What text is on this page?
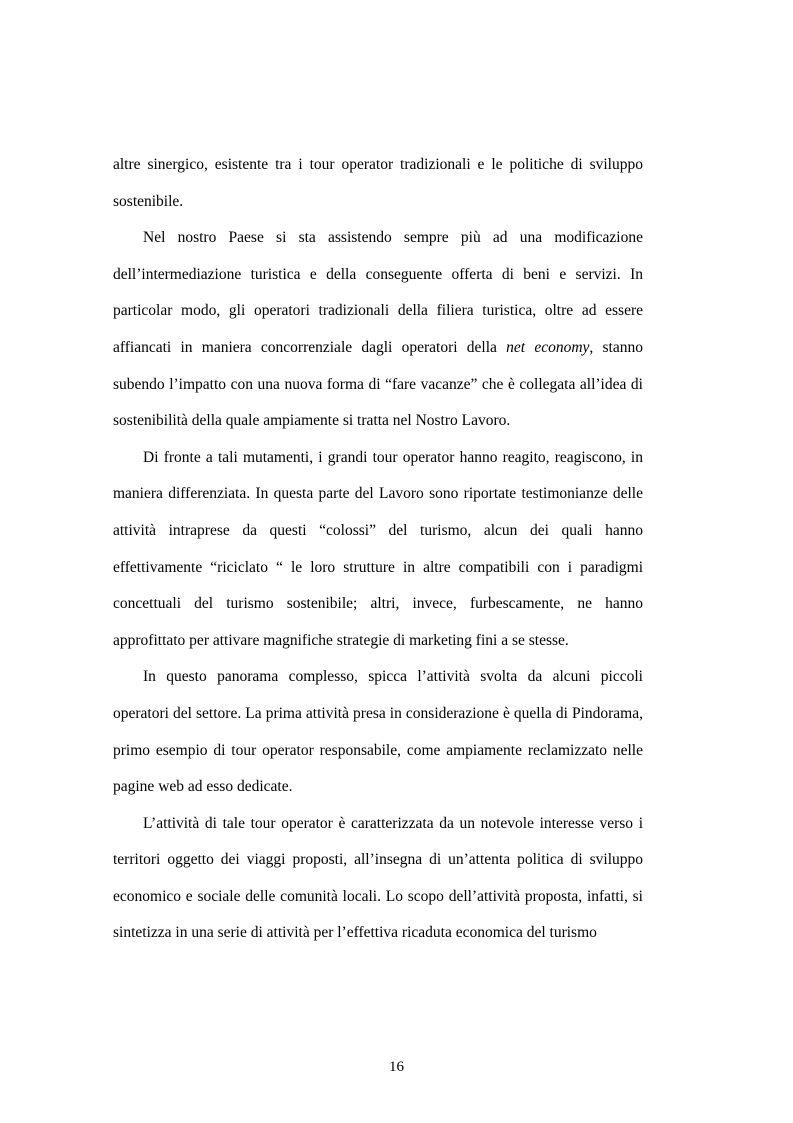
altre sinergico, esistente tra i tour operator tradizionali e le politiche di sviluppo sostenibile.

Nel nostro Paese si sta assistendo sempre più ad una modificazione dell’intermediazione turistica e della conseguente offerta di beni e servizi. In particolar modo, gli operatori tradizionali della filiera turistica, oltre ad essere affiancati in maniera concorrenziale dagli operatori della net economy, stanno subendo l’impatto con una nuova forma di “fare vacanze” che è collegata all’idea di sostenibilità della quale ampiamente si tratta nel Nostro Lavoro.

Di fronte a tali mutamenti, i grandi tour operator hanno reagito, reagiscono, in maniera differenziata. In questa parte del Lavoro sono riportate testimonianze delle attività intraprese da questi “colossi” del turismo, alcun dei quali hanno effettivamente “riciclato “ le loro strutture in altre compatibili con i paradigmi concettuali del turismo sostenibile; altri, invece, furbescamente, ne hanno approfittato per attivare magnifiche strategie di marketing fini a se stesse.

In questo panorama complesso, spicca l’attività svolta da alcuni piccoli operatori del settore. La prima attività presa in considerazione è quella di Pindorama, primo esempio di tour operator responsabile, come ampiamente reclamizzato nelle pagine web ad esso dedicate.

L’attività di tale tour operator è caratterizzata da un notevole interesse verso i territori oggetto dei viaggi proposti, all’insegna di un’attenta politica di sviluppo economico e sociale delle comunità locali. Lo scopo dell’attività proposta, infatti, si sintetizza in una serie di attività per l’effettiva ricaduta economica del turismo

16
